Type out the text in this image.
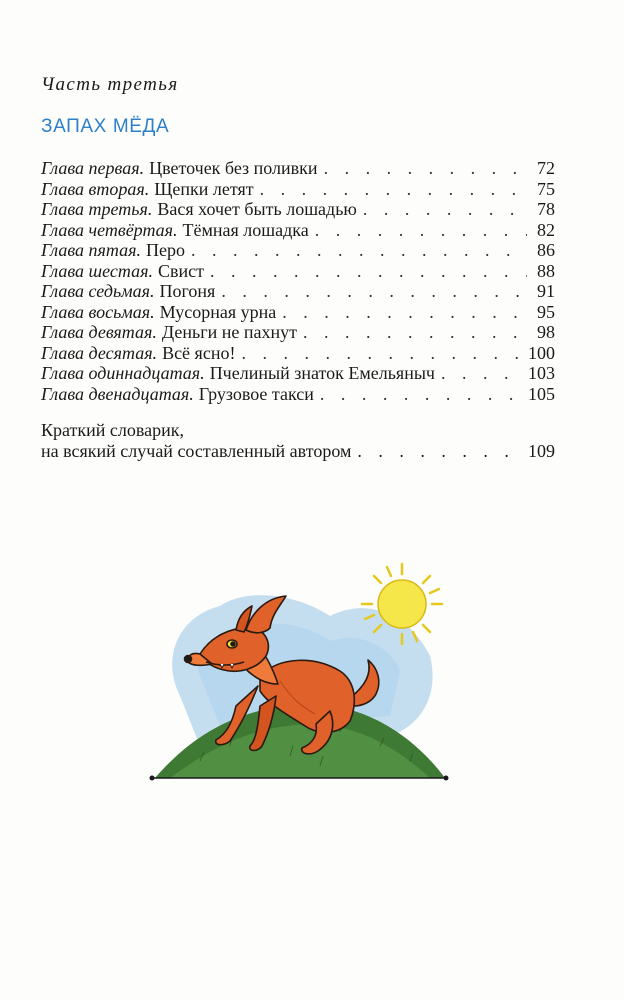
Часть третья
ЗАПАХ МЁДА
Глава первая. Цветочек без поливки . . .	72
Глава вторая. Щепки летят . . .	75
Глава третья. Вася хочет быть лошадью . . .	78
Глава четвёртая. Тёмная лошадка . . .	82
Глава пятая. Перо . . .	86
Глава шестая. Свист . . .	88
Глава седьмая. Погоня . . .	91
Глава восьмая. Мусорная урна . . .	95
Глава девятая. Деньги не пахнут . . .	98
Глава десятая. Всё ясно! . . .	100
Глава одиннадцатая. Пчелиный знаток Емельяныч . . .	103
Глава двенадцатая. Грузовое такси . . .	105
Краткий словарик,
на всякий случай составленный автором . . .	109
